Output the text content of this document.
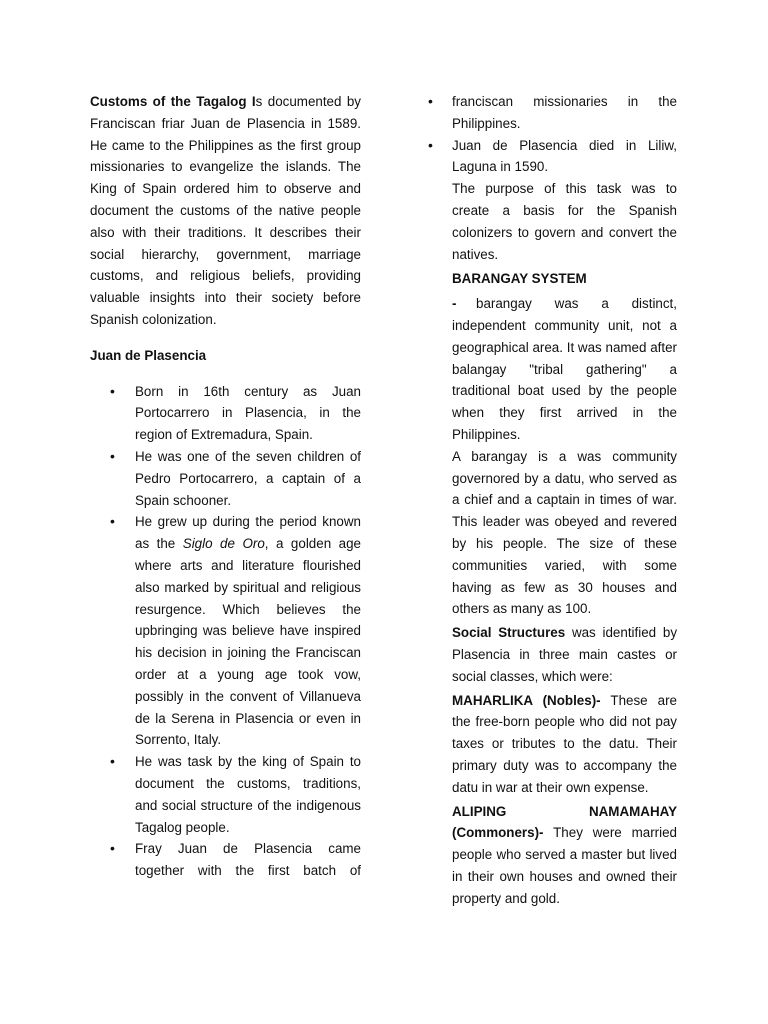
Customs of the Tagalog Is documented by Franciscan friar Juan de Plasencia in 1589. He came to the Philippines as the first group missionaries to evangelize the islands. The King of Spain ordered him to observe and document the customs of the native people also with their traditions. It describes their social hierarchy, government, marriage customs, and religious beliefs, providing valuable insights into their society before Spanish colonization.

Juan de Plasencia

• Born in 16th century as Juan Portocarrero in Plasencia, in the region of Extremadura, Spain.
• He was one of the seven children of Pedro Portocarrero, a captain of a Spain schooner.
• He grew up during the period known as the Siglo de Oro, a golden age where arts and literature flourished also marked by spiritual and religious resurgence. Which believes the upbringing was believe have inspired his decision in joining the Franciscan order at a young age took vow, possibly in the convent of Villanueva de la Serena in Plasencia or even in Sorrento, Italy.
• He was task by the king of Spain to document the customs, traditions, and social structure of the indigenous Tagalog people.
• Fray Juan de Plasencia came together with the first batch of
• franciscan missionaries in the Philippines.
• Juan de Plasencia died in Liliw, Laguna in 1590.

The purpose of this task was to create a basis for the Spanish colonizers to govern and convert the natives.

BARANGAY SYSTEM

- barangay was a distinct, independent community unit, not a geographical area. It was named after balangay "tribal gathering" a traditional boat used by the people when they first arrived in the Philippines.

A barangay is a was community governored by a datu, who served as a chief and a captain in times of war. This leader was obeyed and revered by his people. The size of these communities varied, with some having as few as 30 houses and others as many as 100.

Social Structures was identified by Plasencia in three main castes or social classes, which were:

MAHARLIKA (Nobles)- These are the free-born people who did not pay taxes or tributes to the datu. Their primary duty was to accompany the datu in war at their own expense.

ALIPING NAMAMAHAY (Commoners)- They were married people who served a master but lived in their own houses and owned their property and gold.
